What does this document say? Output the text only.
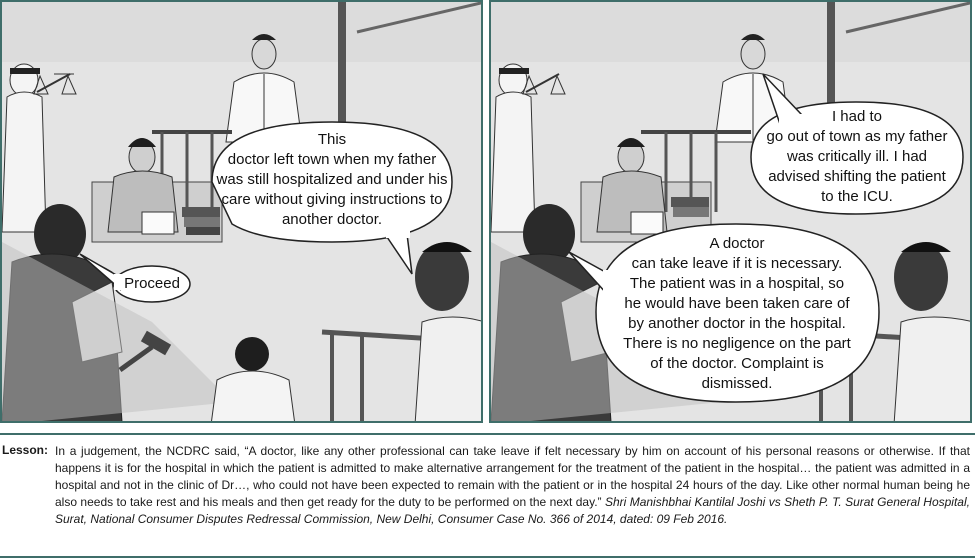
This
doctor left town when my father
was still hospitalized and under his
care without giving instructions to
another doctor.
Proceed
I had to
go out of town as my father
was critically ill. I had
advised shifting the patient
to the ICU.
A doctor
can take leave if it is necessary.
The patient was in a hospital, so
he would have been taken care of
by another doctor in the hospital.
There is no negligence on the part
of the doctor. Complaint is
dismissed.
Lesson: In a judgement, the NCDRC said, “A doctor, like any other professional can take leave if felt necessary by him on account of his personal reasons or otherwise. If that happens it is for the hospital in which the patient is admitted to make alternative arrangement for the treatment of the patient in the hospital… the patient was admitted in a hospital and not in the clinic of Dr…, who could not have been expected to remain with the patient or in the hospital 24 hours of the day. Like other normal human being he also needs to take rest and his meals and then get ready for the duty to be performed on the next day.” Shri Manishbhai Kantilal Joshi vs Sheth P. T. Surat General Hospital, Surat, National Consumer Disputes Redressal Commission, New Delhi, Consumer Case No. 366 of 2014, dated: 09 Feb 2016.
